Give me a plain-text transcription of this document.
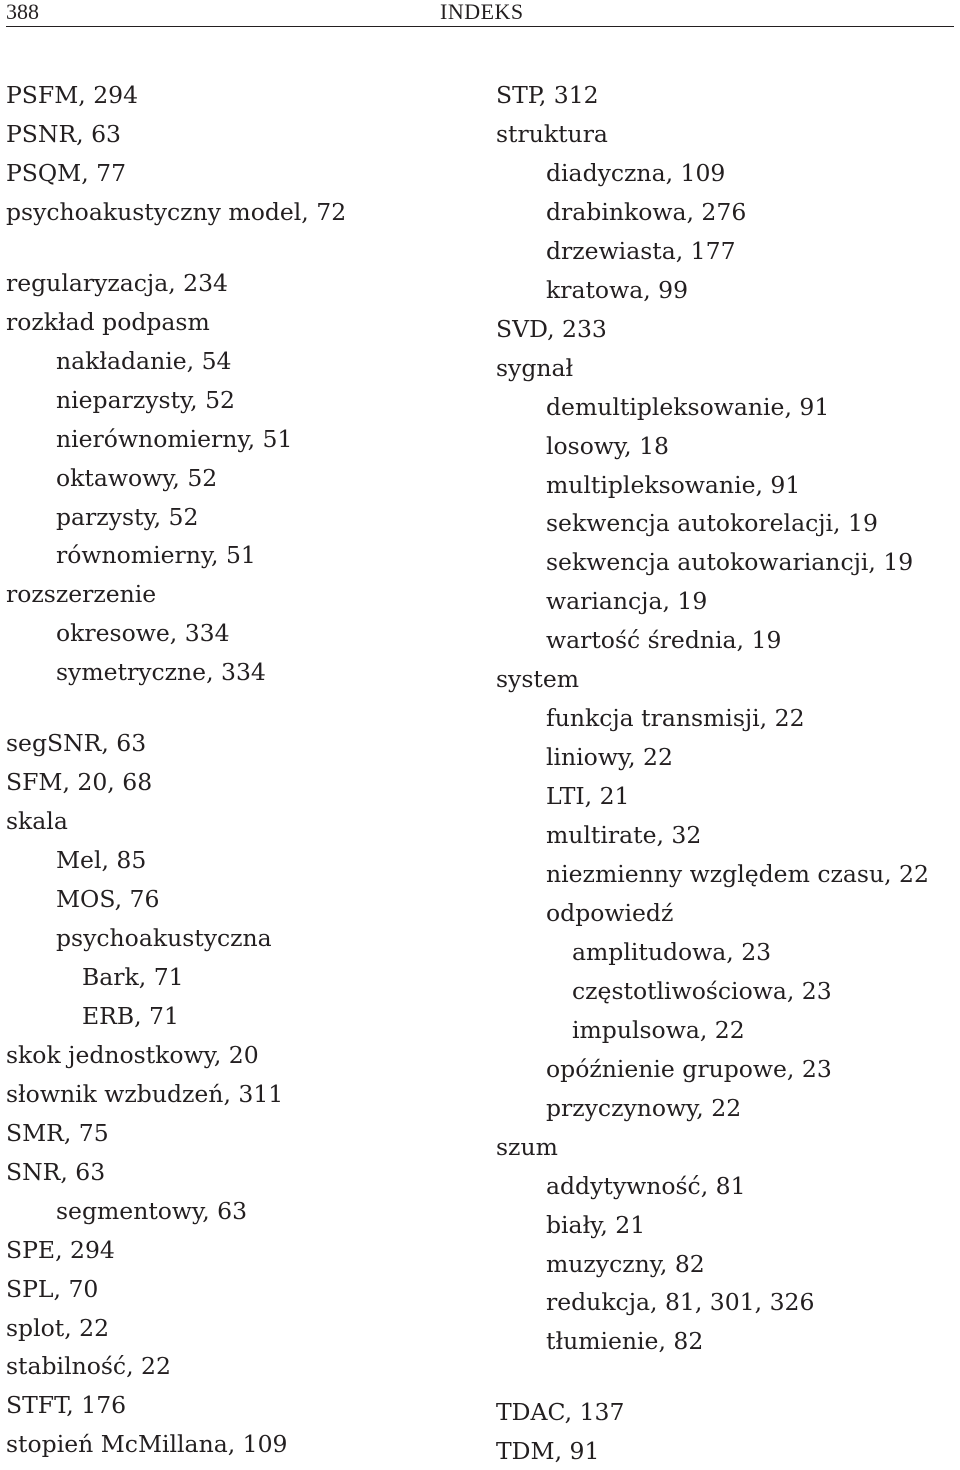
388	INDEKS
PSFM, 294
PSNR, 63
PSQM, 77
psychoakustyczny model, 72
regularyzacja, 234
rozkład podpasm
nakładanie, 54
nieparzysty, 52
nierównomierny, 51
oktawowy, 52
parzysty, 52
równomierny, 51
rozszerzenie
okresowe, 334
symetryczne, 334
segSNR, 63
SFM, 20, 68
skala
Mel, 85
MOS, 76
psychoakustyczna
Bark, 71
ERB, 71
skok jednostkowy, 20
słownik wzbudzeń, 311
SMR, 75
SNR, 63
segmentowy, 63
SPE, 294
SPL, 70
splot, 22
stabilność, 22
STFT, 176
stopień McMillana, 109
STP, 312
struktura
diadyczna, 109
drabinkowa, 276
drzewiasta, 177
kratowa, 99
SVD, 233
sygnał
demultipleksowanie, 91
losowy, 18
multipleksowanie, 91
sekwencja autokorelacji, 19
sekwencja autokowariancji, 19
wariancja, 19
wartość średnia, 19
system
funkcja transmisji, 22
liniowy, 22
LTI, 21
multirate, 32
niezmienny względem czasu, 22
odpowiedź
amplitudowa, 23
częstotliwościowa, 23
impulsowa, 22
opóźnienie grupowe, 23
przyczynowy, 22
szum
addytywność, 81
biały, 21
muzyczny, 82
redukcja, 81, 301, 326
tłumienie, 82
TDAC, 137
TDM, 91
